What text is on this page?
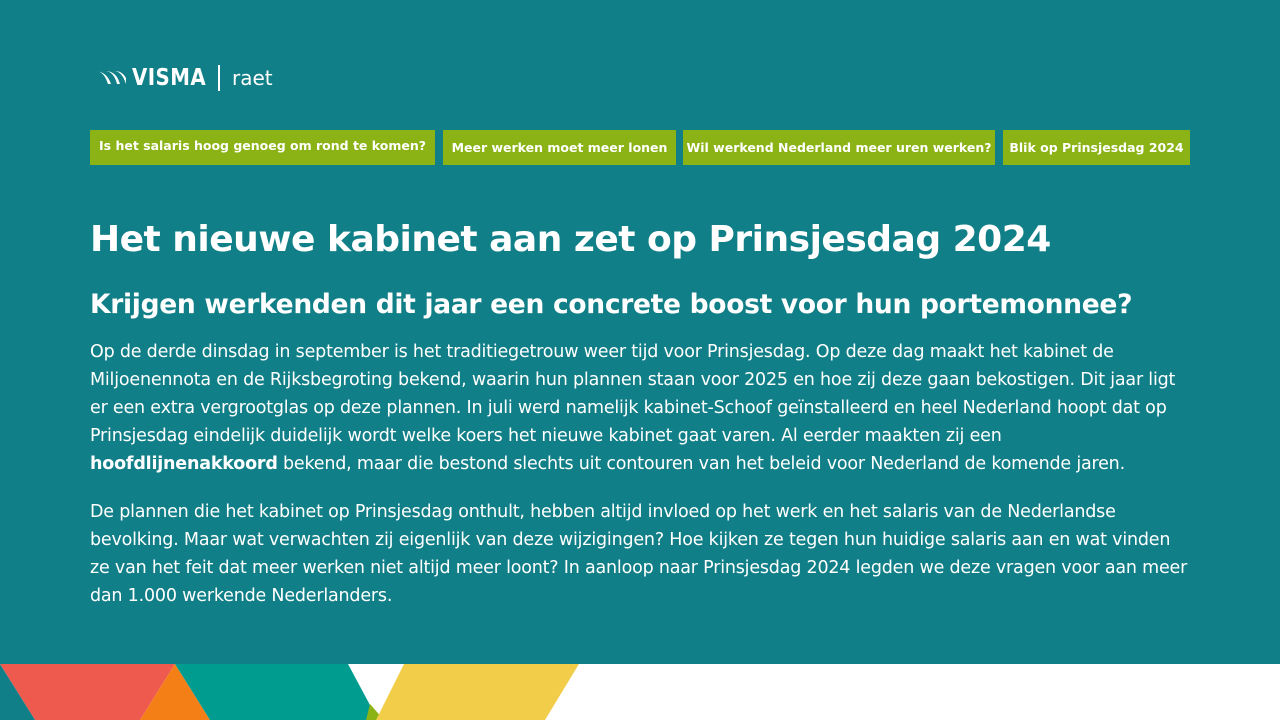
VISMA raet
Is het salaris hoog genoeg om rond te komen?	Meer werken moet meer lonen	Wil werkend Nederland meer uren werken?	Blik op Prinsjesdag 2024
Het nieuwe kabinet aan zet op Prinsjesdag 2024
Krijgen werkenden dit jaar een concrete boost voor hun portemonnee?

Op de derde dinsdag in september is het traditiegetrouw weer tijd voor Prinsjesdag. Op deze dag maakt het kabinet de Miljoenennota en de Rijksbegroting bekend, waarin hun plannen staan voor 2025 en hoe zij deze gaan bekostigen. Dit jaar ligt er een extra vergrootglas op deze plannen. In juli werd namelijk kabinet-Schoof geïnstalleerd en heel Nederland hoopt dat op Prinsjesdag eindelijk duidelijk wordt welke koers het nieuwe kabinet gaat varen. Al eerder maakten zij een hoofdlijnenakkoord bekend, maar die bestond slechts uit contouren van het beleid voor Nederland de komende jaren.

De plannen die het kabinet op Prinsjesdag onthult, hebben altijd invloed op het werk en het salaris van de Nederlandse bevolking. Maar wat verwachten zij eigenlijk van deze wijzigingen? Hoe kijken ze tegen hun huidige salaris aan en wat vinden ze van het feit dat meer werken niet altijd meer loont? In aanloop naar Prinsjesdag 2024 legden we deze vragen voor aan meer dan 1.000 werkende Nederlanders.
